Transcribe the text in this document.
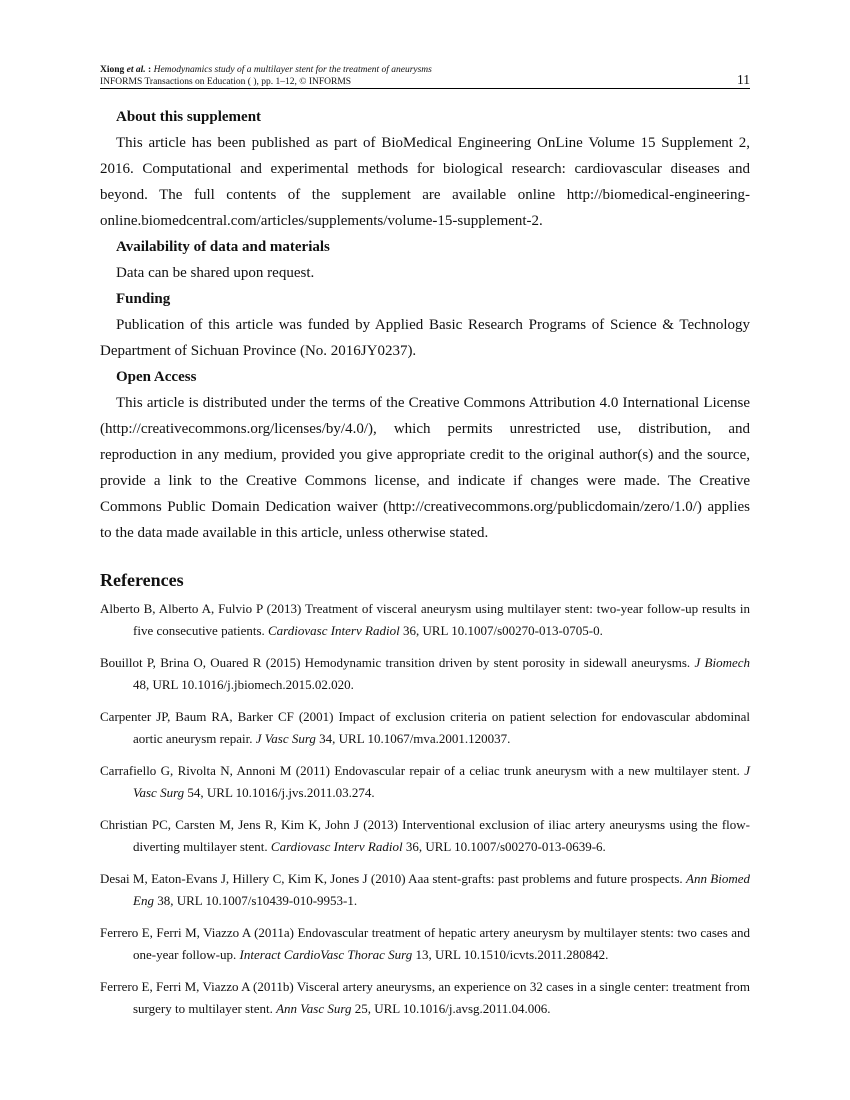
Xiong et al. : Hemodynamics study of a multilayer stent for the treatment of aneurysms
INFORMS Transactions on Education ( ), pp. 1–12, © INFORMS	11

About this supplement

This article has been published as part of BioMedical Engineering OnLine Volume 15 Supplement 2, 2016. Computational and experimental methods for biological research: cardiovascular diseases and beyond. The full contents of the supplement are available online http://biomedical-engineering-online.biomedcentral.com/articles/supplements/volume-15-supplement-2.

Availability of data and materials

Data can be shared upon request.

Funding

Publication of this article was funded by Applied Basic Research Programs of Science & Technology Department of Sichuan Province (No. 2016JY0237).

Open Access

This article is distributed under the terms of the Creative Commons Attribution 4.0 International License (http://creativecommons.org/licenses/by/4.0/), which permits unrestricted use, distribution, and reproduction in any medium, provided you give appropriate credit to the original author(s) and the source, provide a link to the Creative Commons license, and indicate if changes were made. The Creative Commons Public Domain Dedication waiver (http://creativecommons.org/publicdomain/zero/1.0/) applies to the data made available in this article, unless otherwise stated.

References

Alberto B, Alberto A, Fulvio P (2013) Treatment of visceral aneurysm using multilayer stent: two-year follow-up results in five consecutive patients. Cardiovasc Interv Radiol 36, URL 10.1007/s00270-013-0705-0.

Bouillot P, Brina O, Ouared R (2015) Hemodynamic transition driven by stent porosity in sidewall aneurysms. J Biomech 48, URL 10.1016/j.jbiomech.2015.02.020.

Carpenter JP, Baum RA, Barker CF (2001) Impact of exclusion criteria on patient selection for endovascular abdominal aortic aneurysm repair. J Vasc Surg 34, URL 10.1067/mva.2001.120037.

Carrafiello G, Rivolta N, Annoni M (2011) Endovascular repair of a celiac trunk aneurysm with a new multilayer stent. J Vasc Surg 54, URL 10.1016/j.jvs.2011.03.274.

Christian PC, Carsten M, Jens R, Kim K, John J (2013) Interventional exclusion of iliac artery aneurysms using the flow-diverting multilayer stent. Cardiovasc Interv Radiol 36, URL 10.1007/s00270-013-0639-6.

Desai M, Eaton-Evans J, Hillery C, Kim K, Jones J (2010) Aaa stent-grafts: past problems and future prospects. Ann Biomed Eng 38, URL 10.1007/s10439-010-9953-1.

Ferrero E, Ferri M, Viazzo A (2011a) Endovascular treatment of hepatic artery aneurysm by multilayer stents: two cases and one-year follow-up. Interact CardioVasc Thorac Surg 13, URL 10.1510/icvts.2011.280842.

Ferrero E, Ferri M, Viazzo A (2011b) Visceral artery aneurysms, an experience on 32 cases in a single center: treatment from surgery to multilayer stent. Ann Vasc Surg 25, URL 10.1016/j.avsg.2011.04.006.
